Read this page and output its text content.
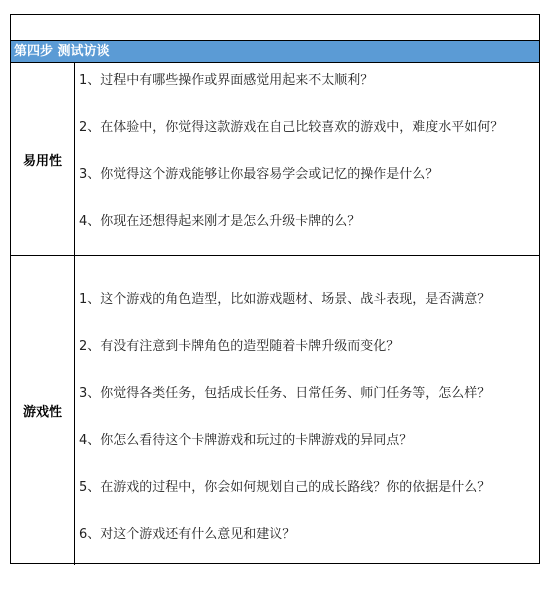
第四步 测试访谈
易用性
1、过程中有哪些操作或界面感觉用起来不太顺利？
2、在体验中，你觉得这款游戏在自己比较喜欢的游戏中，难度水平如何？
3、你觉得这个游戏能够让你最容易学会或记忆的操作是什么？
4、你现在还想得起来刚才是怎么升级卡牌的么？
游戏性
1、这个游戏的角色造型，比如游戏题材、场景、战斗表现，是否满意？
2、有没有注意到卡牌角色的造型随着卡牌升级而变化？
3、你觉得各类任务，包括成长任务、日常任务、师门任务等，怎么样？
4、你怎么看待这个卡牌游戏和玩过的卡牌游戏的异同点？
5、在游戏的过程中，你会如何规划自己的成长路线？你的依据是什么？
6、对这个游戏还有什么意见和建议？
